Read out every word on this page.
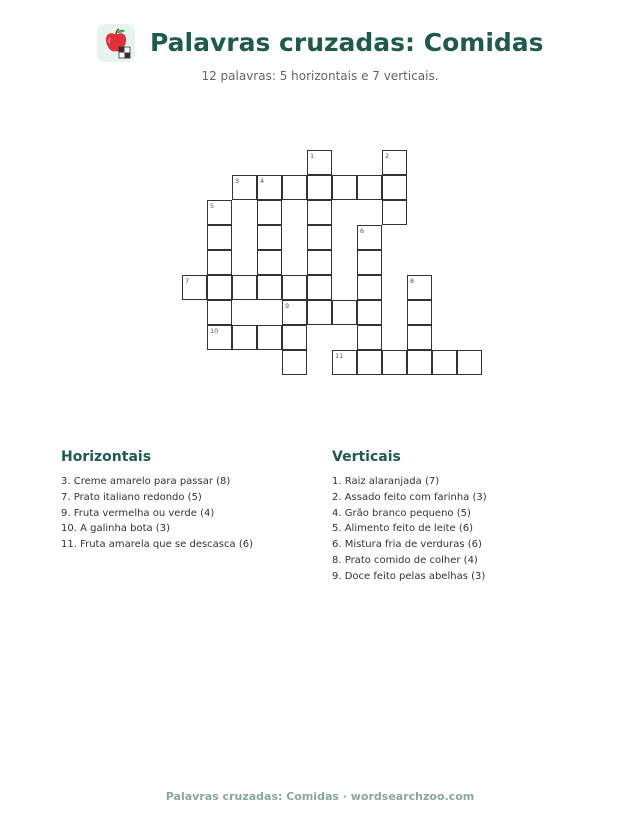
Palavras cruzadas: Comidas
12 palavras: 5 horizontais e 7 verticais.
1	2
3	4
5
6
7	8
9
10
11
Horizontais
3. Creme amarelo para passar (8)
7. Prato italiano redondo (5)
9. Fruta vermelha ou verde (4)
10. A galinha bota (3)
11. Fruta amarela que se descasca (6)
Verticais
1. Raiz alaranjada (7)
2. Assado feito com farinha (3)
4. Grão branco pequeno (5)
5. Alimento feito de leite (6)
6. Mistura fria de verduras (6)
8. Prato comido de colher (4)
9. Doce feito pelas abelhas (3)
Palavras cruzadas: Comidas · wordsearchzoo.com
